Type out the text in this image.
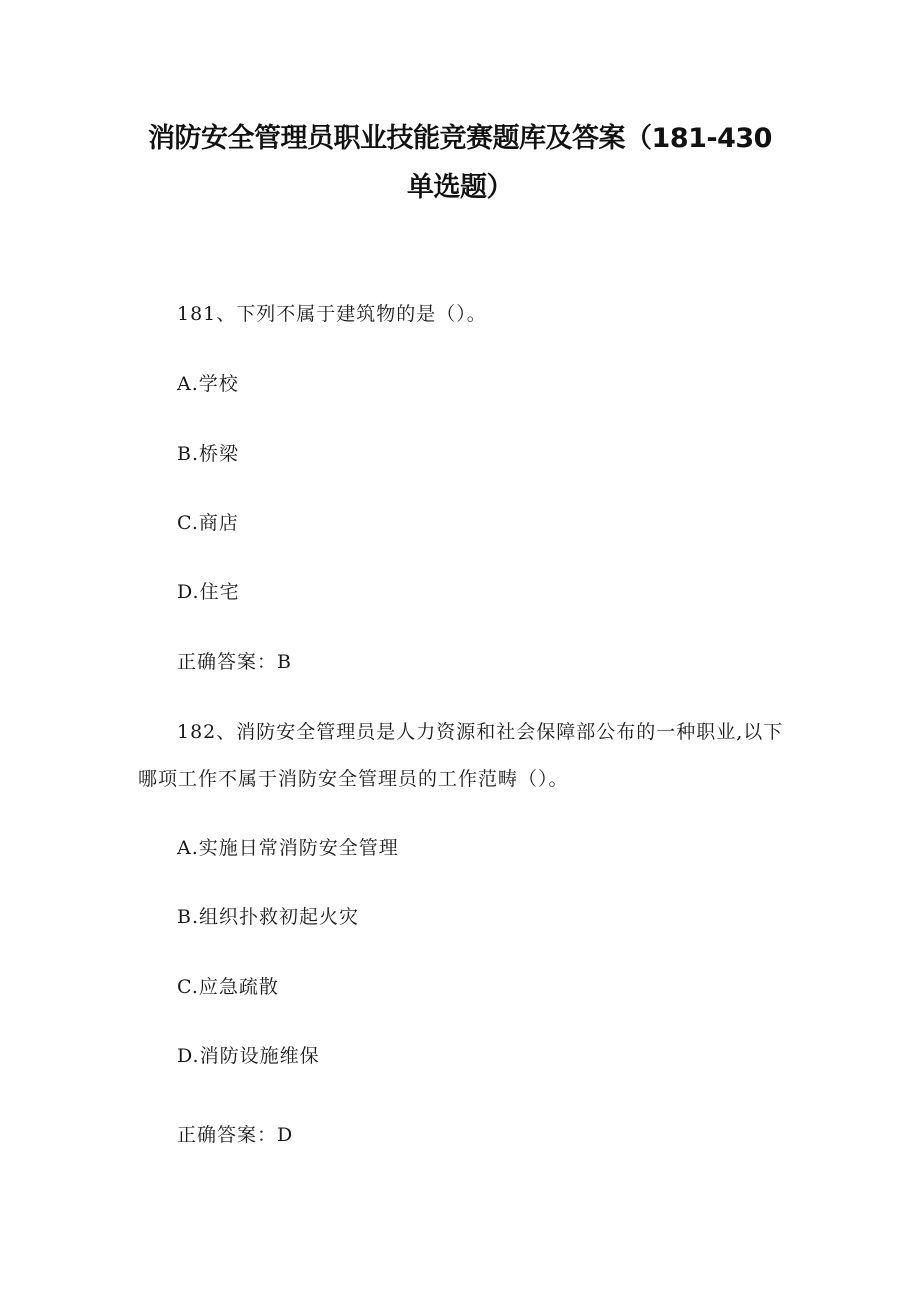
消防安全管理员职业技能竞赛题库及答案（181-430
单选题）
181、下列不属于建筑物的是（）。
A.学校
B.桥梁
C.商店
D.住宅
正确答案：B
182、消防安全管理员是人力资源和社会保障部公布的一种职业,以下
哪项工作不属于消防安全管理员的工作范畴（）。
A.实施日常消防安全管理
B.组织扑救初起火灾
C.应急疏散
D.消防设施维保
正确答案：D
